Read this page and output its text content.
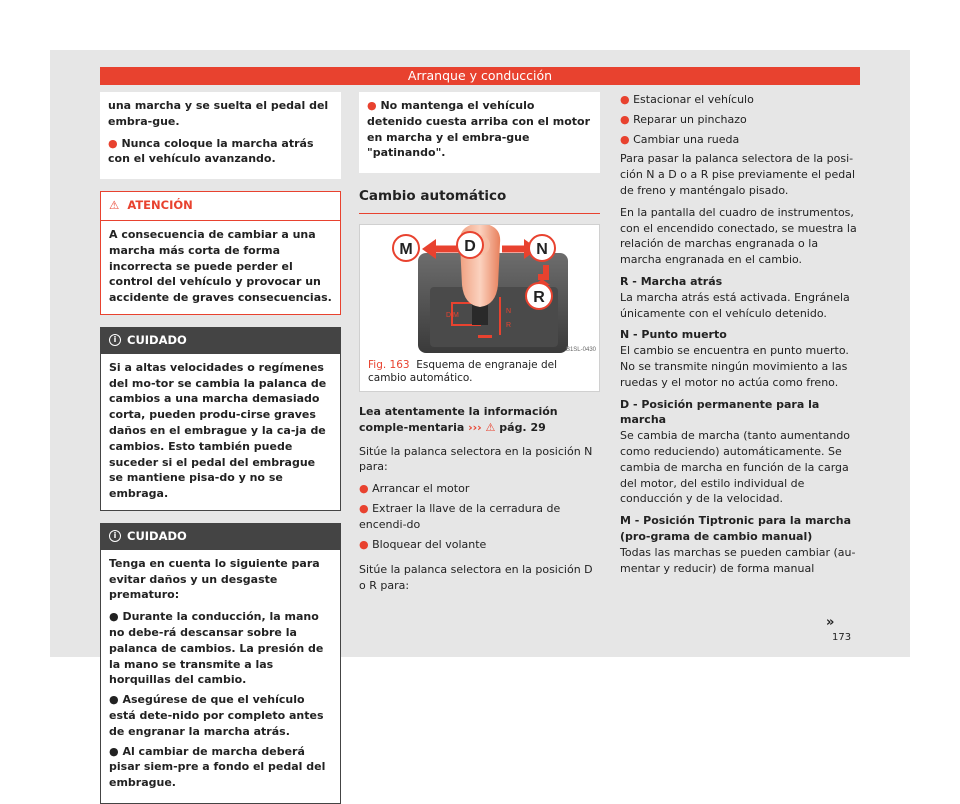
Arranque y conducción
una marcha y se suelta el pedal del embra-gue.
● Nunca coloque la marcha atrás con el vehículo avanzando.
⚠ ATENCIÓN
A consecuencia de cambiar a una marcha más corta de forma incorrecta se puede perder el control del vehículo y provocar un accidente de graves consecuencias.
i CUIDADO
Si a altas velocidades o regímenes del mo-tor se cambia la palanca de cambios a una marcha demasiado corta, pueden produ-cirse graves daños en el embrague y la ca-ja de cambios. Esto también puede suceder si el pedal del embrague se mantiene pisa-do y no se embraga.
i CUIDADO
Tenga en cuenta lo siguiente para evitar daños y un desgaste prematuro:
● Durante la conducción, la mano no debe-rá descansar sobre la palanca de cambios. La presión de la mano se transmite a las horquillas del cambio.
● Asegúrese de que el vehículo está dete-nido por completo antes de engranar la marcha atrás.
● Al cambiar de marcha deberá pisar siem-pre a fondo el pedal del embrague.
● No mantenga el vehículo detenido cuesta arriba con el motor en marcha y el embra-gue "patinando".
Cambio automático
M	D	N
R
D/M
N
R
B1SL-0430
Fig. 163 Esquema de engranaje del cambio automático.
Lea atentamente la información comple-mentaria ››› ⚠ pág. 29
Sitúe la palanca selectora en la posición N para:
● Arrancar el motor
● Extraer la llave de la cerradura de encendi-do
● Bloquear del volante
Sitúe la palanca selectora en la posición D o R para:
● Estacionar el vehículo
● Reparar un pinchazo
● Cambiar una rueda
Para pasar la palanca selectora de la posi-ción N a D o a R pise previamente el pedal de freno y manténgalo pisado.
En la pantalla del cuadro de instrumentos, con el encendido conectado, se muestra la relación de marchas engranada o la marcha engranada en el cambio.
R - Marcha atrás
La marcha atrás está activada. Engránela únicamente con el vehículo detenido.
N - Punto muerto
El cambio se encuentra en punto muerto. No se transmite ningún movimiento a las ruedas y el motor no actúa como freno.
D - Posición permanente para la marcha
Se cambia de marcha (tanto aumentando como reduciendo) automáticamente. Se cambia de marcha en función de la carga del motor, del estilo individual de conducción y de la velocidad.
M - Posición Tiptronic para la marcha (pro-grama de cambio manual)
Todas las marchas se pueden cambiar (au-mentar y reducir) de forma manual
»
173
